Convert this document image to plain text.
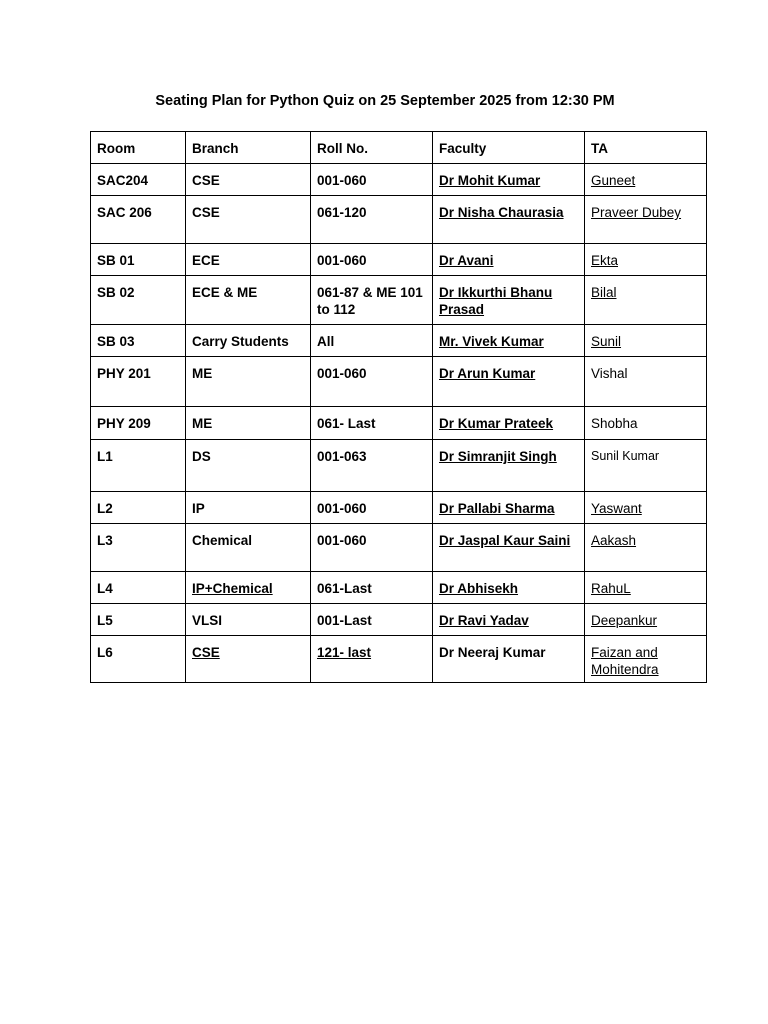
Seating Plan for Python Quiz on 25 September 2025 from 12:30 PM
Room	Branch	Roll No.	Faculty	TA
SAC204	CSE	001-060	Dr Mohit Kumar	Guneet
SAC 206	CSE	061-120	Dr Nisha Chaurasia	Praveer Dubey
SB 01	ECE	001-060	Dr Avani	Ekta
SB 02	ECE & ME	061-87 & ME 101 to 112	Dr Ikkurthi Bhanu Prasad	Bilal
SB 03	Carry Students	All	Mr. Vivek Kumar	Sunil
PHY 201	ME	001-060	Dr Arun Kumar	Vishal
PHY 209	ME	061- Last	Dr Kumar Prateek	Shobha
L1	DS	001-063	Dr Simranjit Singh	Sunil Kumar
L2	IP	001-060	Dr Pallabi Sharma	Yaswant
L3	Chemical	001-060	Dr Jaspal Kaur Saini	Aakash
L4	IP+Chemical	061-Last	Dr Abhisekh	RahuL
L5	VLSI	001-Last	Dr Ravi Yadav	Deepankur
L6	CSE	121- last	Dr Neeraj Kumar	Faizan and Mohitendra
